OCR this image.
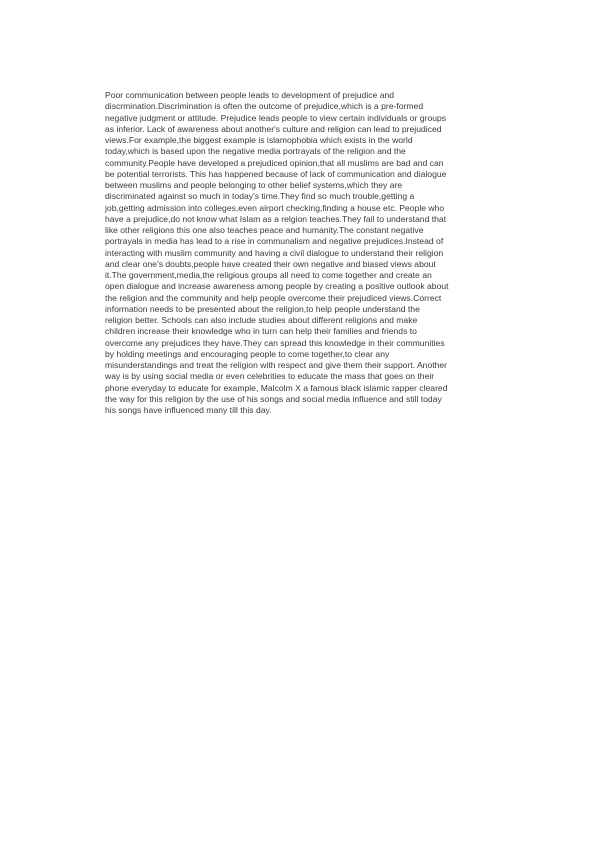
Poor communication between people leads to development of prejudice and
discrmination.Discrimination is often the outcome of prejudice,which is a pre-formed
negative judgment or attitude. Prejudice leads people to view certain individuals or groups
as inferior. Lack of awareness about another's culture and religion can lead to prejudiced
views.For example,the biggest example is islamophobia which exists in the world
today,which is based upon the negative media portrayals of the religion and the
community.People have developed a prejudiced opinion,that all muslims are bad and can
be potential terrorists. This has happened because of lack of communication and dialogue
between muslims and people belonging to other belief systems,which they are
discriminated against so much in today's time.They find so much trouble,getting a
job,getting admission into colleges,even airport checking,finding a house etc. People who
have a prejudice,do not know what Islam as a relgion teaches.They fail to understand that
like other religions this one also teaches peace and humanity.The constant negative
portrayals in media has lead to a rise in communalism and negative prejudices.Instead of
interacting with muslim community and having a civil dialogue to understand their religion
and clear one's doubts,people have created their own negative and biased views about
it.The government,media,the religious groups all need to come together and create an
open dialogue and increase awareness among people by creating a positive outlook about
the religion and the community and help people overcome their prejudiced views.Correct
information needs to be presented about the religion,to help people understand the
religion better. Schools can also include studies about different religions and make
children increase their knowledge who in turn can help their families and friends to
overcome any prejudices they have.They can spread this knowledge in their communities
by holding meetings and encouraging people to come together,to clear any
misunderstandings and treat the religion with respect and give them their support. Another
way is by using social media or even celebrities to educate the mass that goes on their
phone everyday to educate for example, Malcolm X a famous black islamic rapper cleared
the way for this religion by the use of his songs and social media influence and still today
his songs have influenced many till this day.
